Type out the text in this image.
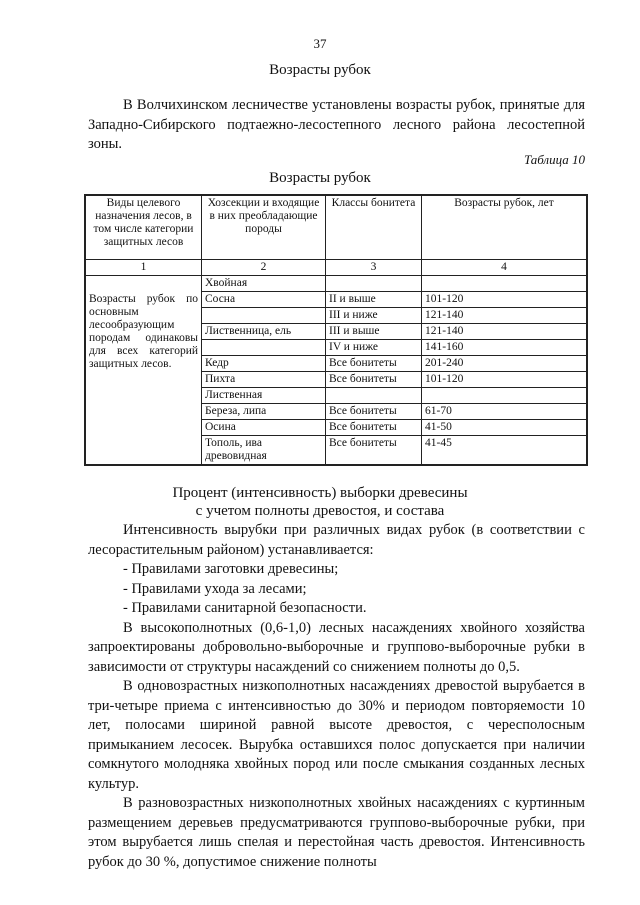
37
Возрасты рубок

В Волчихинском лесничестве установлены возрасты рубок, принятые для Западно-Сибирского подтаежно-лесостепного лесного района лесостепной зоны.

Таблица 10
Возрасты рубок
Виды целевого назначения лесов, в том числе категории защитных лесов	Хозсекции и входящие в них преобладающие породы	Классы бонитета	Возрасты рубок, лет
1	2	3	4
	Хвойная		
Возрасты рубок по основным лесообразующим породам одинаковы для всех категорий защитных лесов.	Сосна	II и выше	101-120
		III и ниже	121-140
	Лиственница, ель	III и выше	121-140
		IV и ниже	141-160
	Кедр	Все бонитеты	201-240
	Пихта	Все бонитеты	101-120
	Лиственная		
	Береза, липа	Все бонитеты	61-70
	Осина	Все бонитеты	41-50
	Тополь, ива древовидная	Все бонитеты	41-45
Процент (интенсивность) выборки древесины
с учетом полноты древостоя, и состава

Интенсивность вырубки при различных видах рубок (в соответствии с лесорастительным районом) устанавливается:

- Правилами заготовки древесины;
- Правилами ухода за лесами;
- Правилами санитарной безопасности.

В высокополнотных (0,6-1,0) лесных насаждениях хвойного хозяйства запроектированы добровольно-выборочные и группово-выборочные рубки в зависимости от структуры насаждений со снижением полноты до 0,5.

В одновозрастных низкополнотных насаждениях древостой вырубается в три-четыре приема с интенсивностью до 30% и периодом повторяемости 10 лет, полосами шириной равной высоте древостоя, с чересполосным примыканием лесосек. Вырубка оставшихся полос допускается при наличии сомкнутого молодняка хвойных пород или после смыкания созданных лесных культур.

В разновозрастных низкополнотных хвойных насаждениях с куртинным размещением деревьев предусматриваются группово-выборочные рубки, при этом вырубается лишь спелая и перестойная часть древостоя. Интенсивность рубок до 30 %, допустимое снижение полноты
